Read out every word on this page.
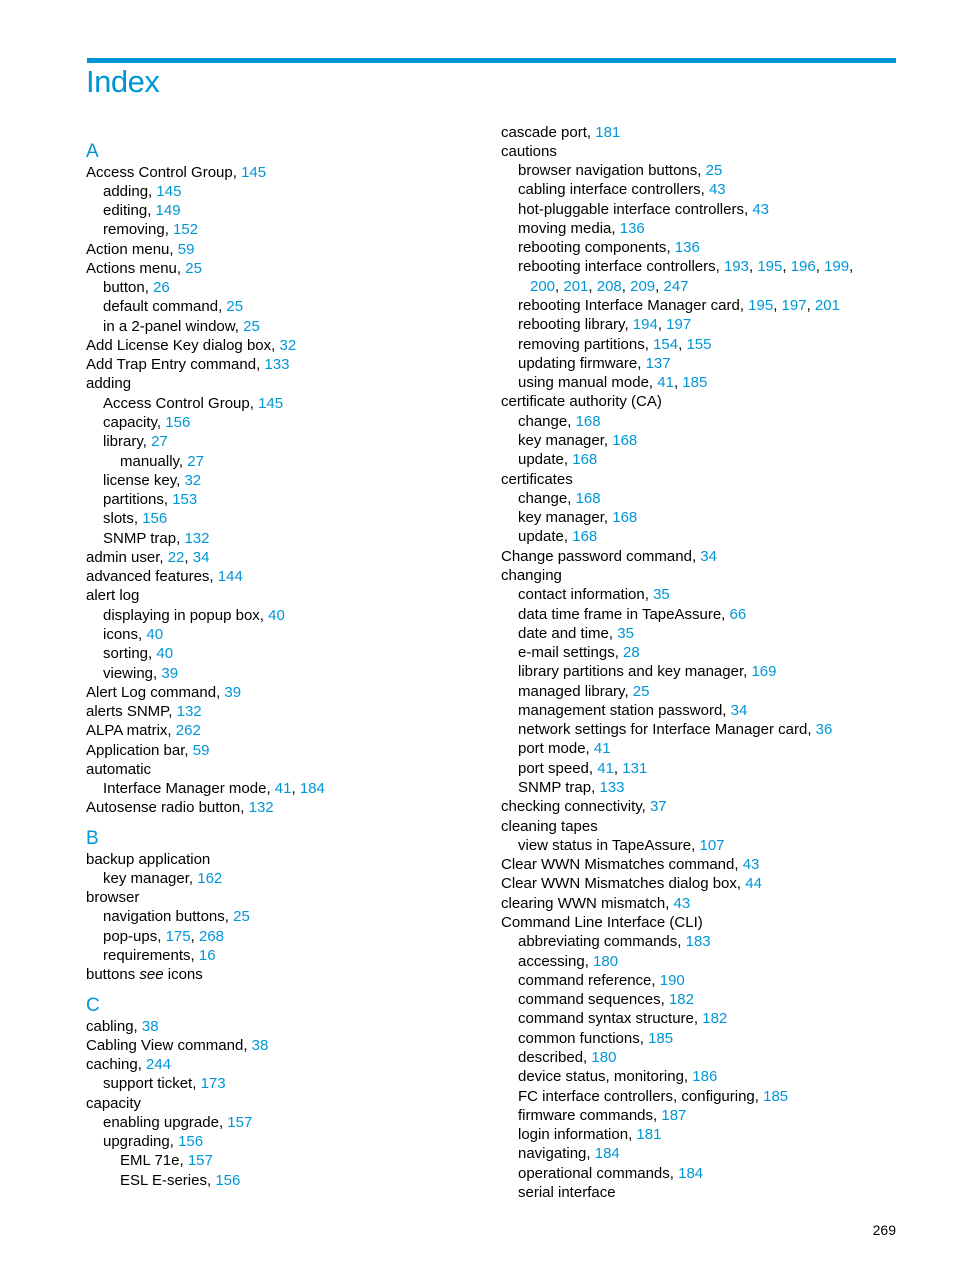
Index
A
Access Control Group, 145
adding, 145
editing, 149
removing, 152
Action menu, 59
Actions menu, 25
button, 26
default command, 25
in a 2-panel window, 25
Add License Key dialog box, 32
Add Trap Entry command, 133
adding
Access Control Group, 145
capacity, 156
library, 27
manually, 27
license key, 32
partitions, 153
slots, 156
SNMP trap, 132
admin user, 22, 34
advanced features, 144
alert log
displaying in popup box, 40
icons, 40
sorting, 40
viewing, 39
Alert Log command, 39
alerts SNMP, 132
ALPA matrix, 262
Application bar, 59
automatic
Interface Manager mode, 41, 184
Autosense radio button, 132
B
backup application
key manager, 162
browser
navigation buttons, 25
pop-ups, 175, 268
requirements, 16
buttons see icons
C
cabling, 38
Cabling View command, 38
caching, 244
support ticket, 173
capacity
enabling upgrade, 157
upgrading, 156
EML 71e, 157
ESL E-series, 156
cascade port, 181
cautions
browser navigation buttons, 25
cabling interface controllers, 43
hot-pluggable interface controllers, 43
moving media, 136
rebooting components, 136
rebooting interface controllers, 193, 195, 196, 199,
200, 201, 208, 209, 247
rebooting Interface Manager card, 195, 197, 201
rebooting library, 194, 197
removing partitions, 154, 155
updating firmware, 137
using manual mode, 41, 185
certificate authority (CA)
change, 168
key manager, 168
update, 168
certificates
change, 168
key manager, 168
update, 168
Change password command, 34
changing
contact information, 35
data time frame in TapeAssure, 66
date and time, 35
e-mail settings, 28
library partitions and key manager, 169
managed library, 25
management station password, 34
network settings for Interface Manager card, 36
port mode, 41
port speed, 41, 131
SNMP trap, 133
checking connectivity, 37
cleaning tapes
view status in TapeAssure, 107
Clear WWN Mismatches command, 43
Clear WWN Mismatches dialog box, 44
clearing WWN mismatch, 43
Command Line Interface (CLI)
abbreviating commands, 183
accessing, 180
command reference, 190
command sequences, 182
command syntax structure, 182
common functions, 185
described, 180
device status, monitoring, 186
FC interface controllers, configuring, 185
firmware commands, 187
login information, 181
navigating, 184
operational commands, 184
serial interface
269
